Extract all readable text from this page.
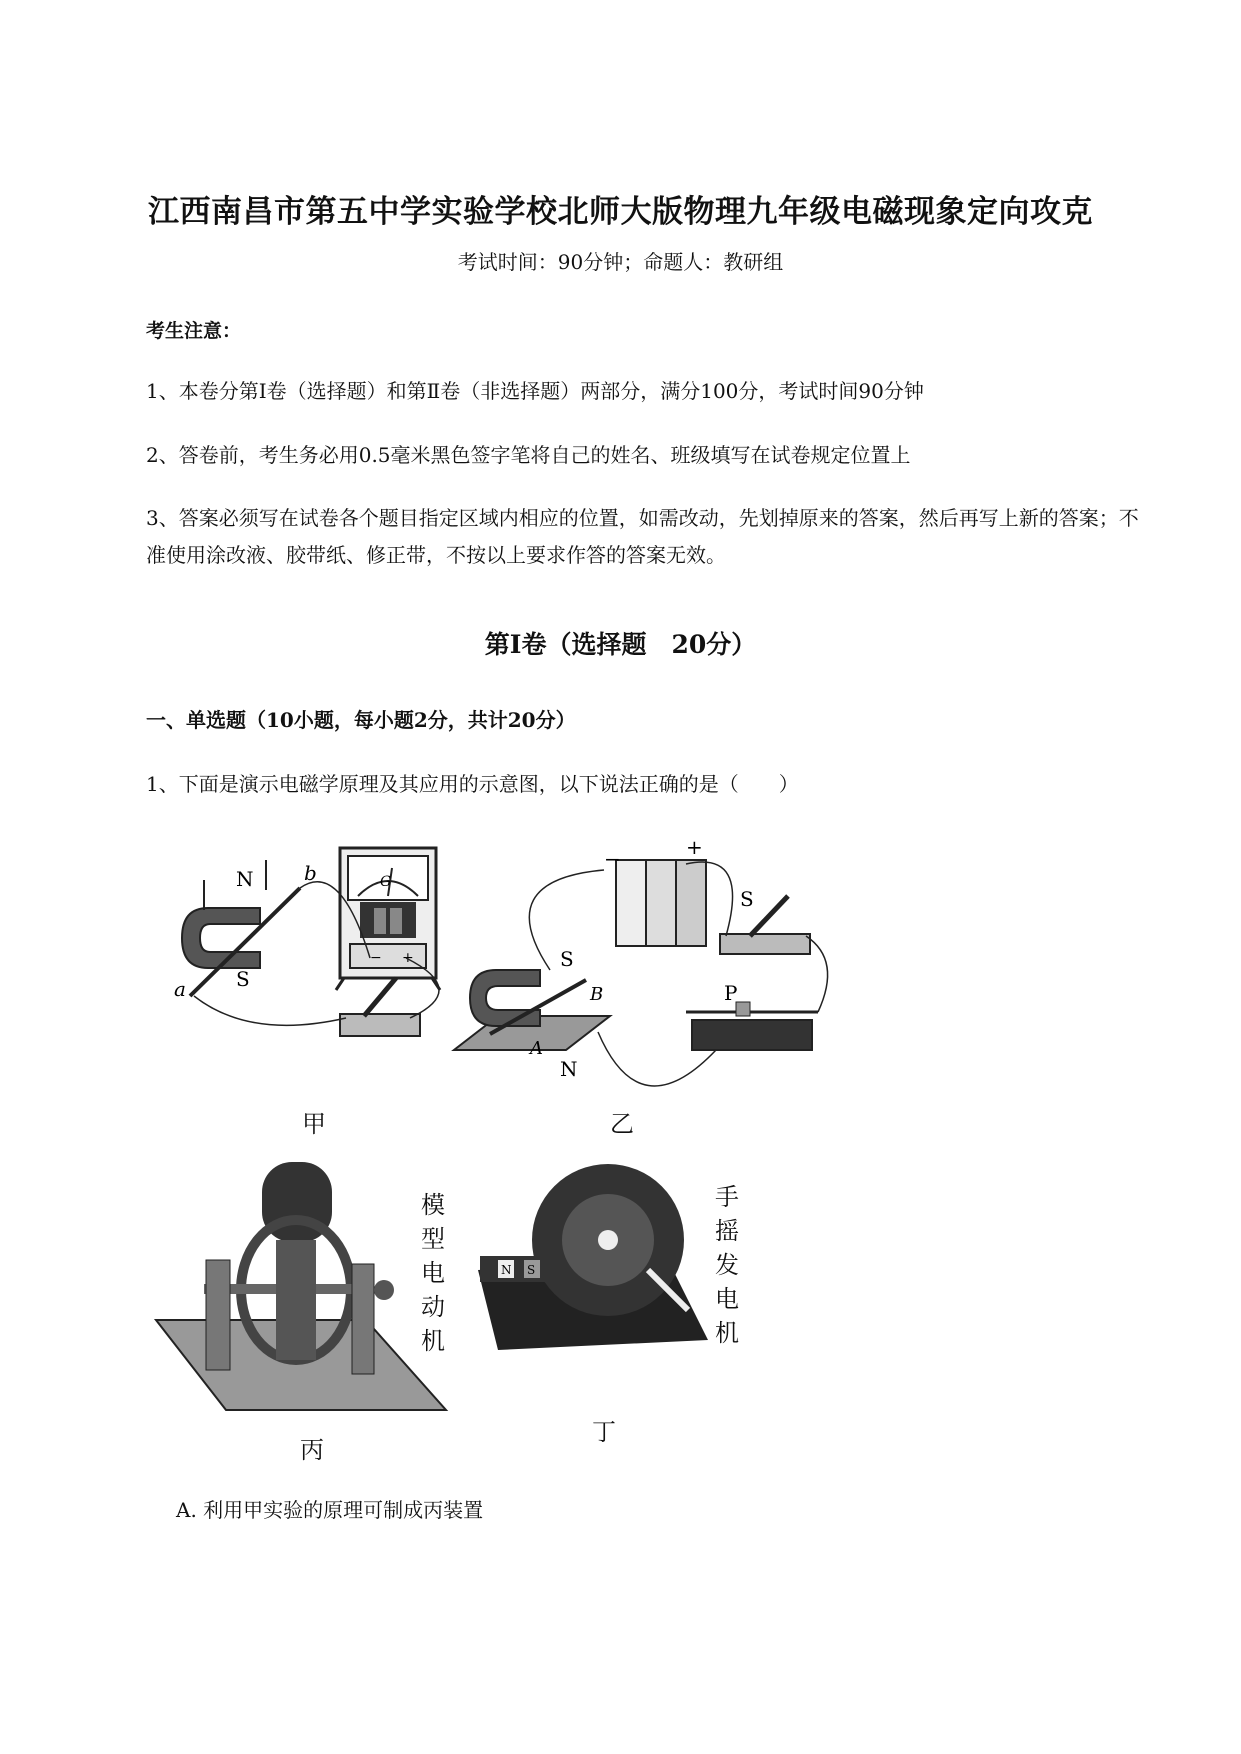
江西南昌市第五中学实验学校北师大版物理九年级电磁现象定向攻克
考试时间：90分钟；命题人：教研组
考生注意：
1、本卷分第I卷（选择题）和第Ⅱ卷（非选择题）两部分，满分100分，考试时间90分钟
2、答卷前，考生务必用0.5毫米黑色签字笔将自己的姓名、班级填写在试卷规定位置上
3、答案必须写在试卷各个题目指定区域内相应的位置，如需改动，先划掉原来的答案，然后再写上新的答案；不准使用涂改液、胶带纸、修正带，不按以上要求作答的答案无效。
第I卷（选择题　20分）
一、单选题（10小题，每小题2分，共计20分）
1、下面是演示电磁学原理及其应用的示意图，以下说法正确的是（　　）
− +
G
N
S
a
b
甲
−	+
S
P
S
N
A
B
乙
丙
模型电动机
N S
丁
手摇发电机
A. 利用甲实验的原理可制成丙装置
